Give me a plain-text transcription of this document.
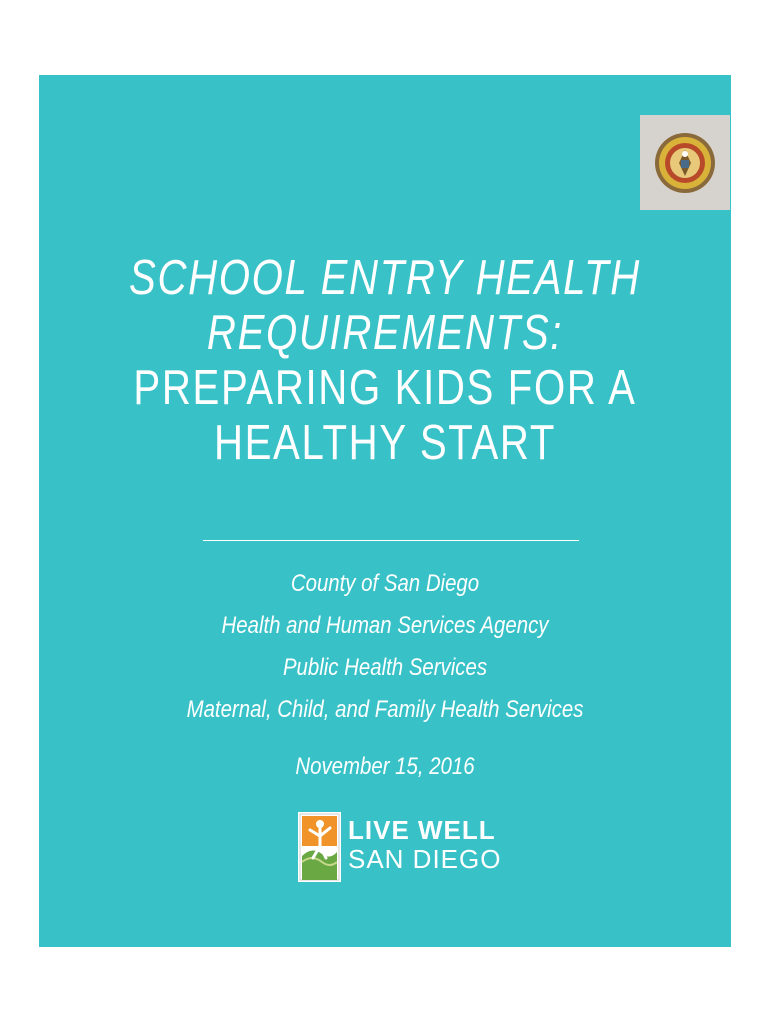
SCHOOL ENTRY HEALTH
REQUIREMENTS:
PREPARING KIDS FOR A
HEALTHY START
County of San Diego
Health and Human Services Agency
Public Health Services
Maternal, Child, and Family Health Services
November 15, 2016
LIVE WELL
SAN DIEGO
